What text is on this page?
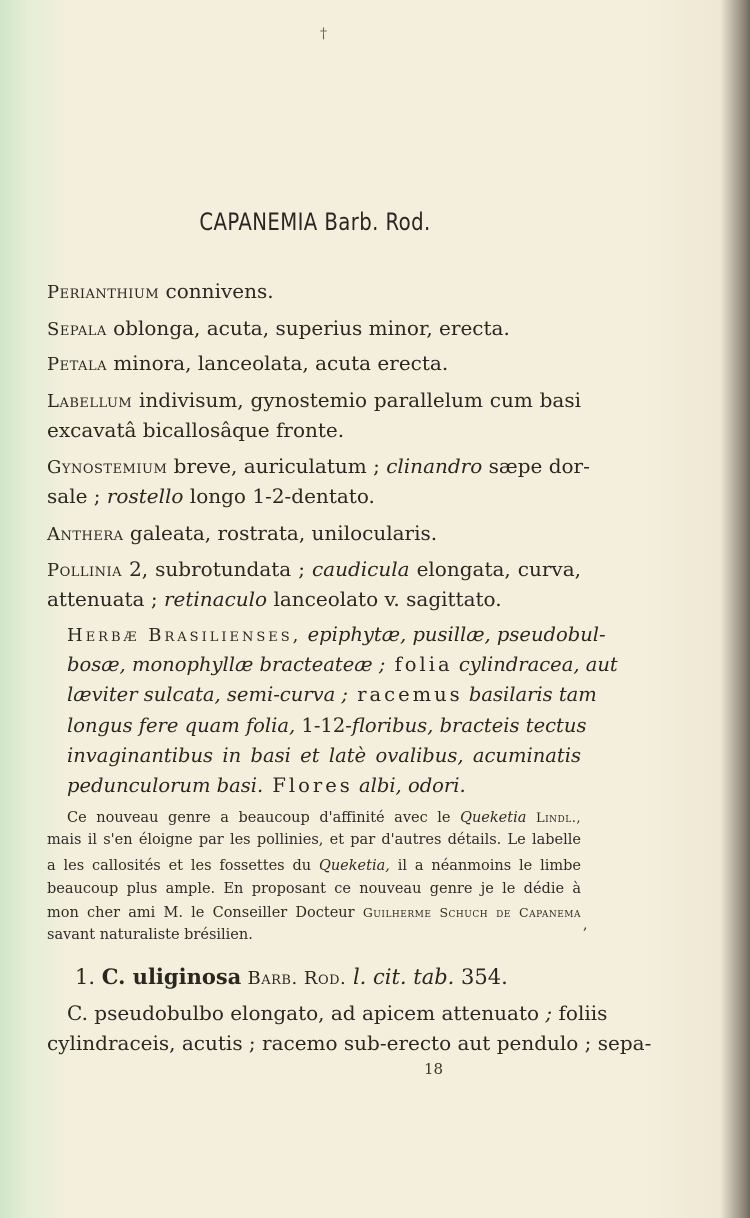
†
CAPANEMIA Barb. Rod.
Perianthium connivens.
Sepala oblonga, acuta, superius minor, erecta.
Petala minora, lanceolata, acuta erecta.
Labellum indivisum, gynostemio parallelum cum basi
excavatâ bicallosâque fronte.
Gynostemium breve, auriculatum ; clinandro sæpe dor-
sale ; rostello longo 1-2-dentato.
Anthera galeata, rostrata, unilocularis.
Pollinia 2, subrotundata ; caudicula elongata, curva,
attenuata ; retinaculo lanceolato v. sagittato.
Herbæ Brasilienses, epiphytæ, pusillæ, pseudobul-
bosæ, monophyllæ bracteateæ ; folia cylindracea, aut
læviter sulcata, semi-curva ; racemus basilaris tam
longus fere quam folia, 1-12-floribus, bracteis tectus
invaginantibus in basi et latè ovalibus, acuminatis
pedunculorum basi. Flores albi, odori.
Ce nouveau genre a beaucoup d'affinité avec le Queketia Lindl.,
mais il s'en éloigne par les pollinies, et par d'autres détails. Le labelle
a les callosités et les fossettes du Queketia, il a néanmoins le limbe
beaucoup plus ample. En proposant ce nouveau genre je le dédie à
mon cher ami M. le Conseiller Docteur Guilherme Schuch de Capanema
,
savant naturaliste brésilien.
1. C. uliginosa Barb. Rod. l. cit. tab. 354.
C. pseudobulbo elongato, ad apicem attenuato ; foliis
cylindraceis, acutis ; racemo sub-erecto aut pendulo ; sepa-
18
